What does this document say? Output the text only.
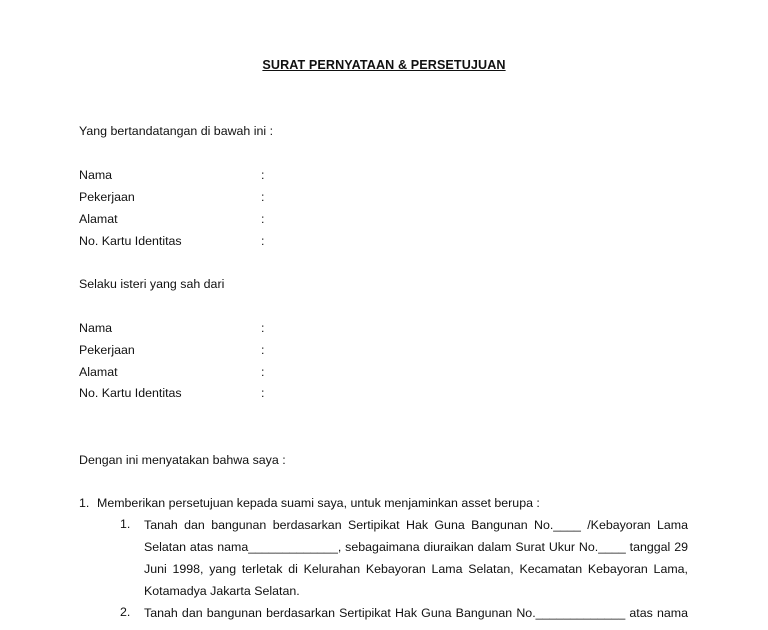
SURAT PERNYATAAN & PERSETUJUAN
Yang bertandatangan di bawah ini :
Nama	:
Pekerjaan	:
Alamat	:
No. Kartu Identitas	:
Selaku isteri yang sah dari
Nama	:
Pekerjaan	:
Alamat	:
No. Kartu Identitas	:
Dengan ini menyatakan bahwa saya :
1. Memberikan persetujuan kepada suami saya, untuk menjaminkan asset berupa :
1. Tanah dan bangunan berdasarkan Sertipikat Hak Guna Bangunan No.____ /Kebayoran Lama
Selatan atas nama_____________, sebagaimana diuraikan dalam Surat Ukur No.____ tanggal 29
Juni 1998, yang terletak di Kelurahan Kebayoran Lama Selatan, Kecamatan Kebayoran Lama,
Kotamadya Jakarta Selatan.
2. Tanah dan bangunan berdasarkan Sertipikat Hak Guna Bangunan No._____________ atas nama
